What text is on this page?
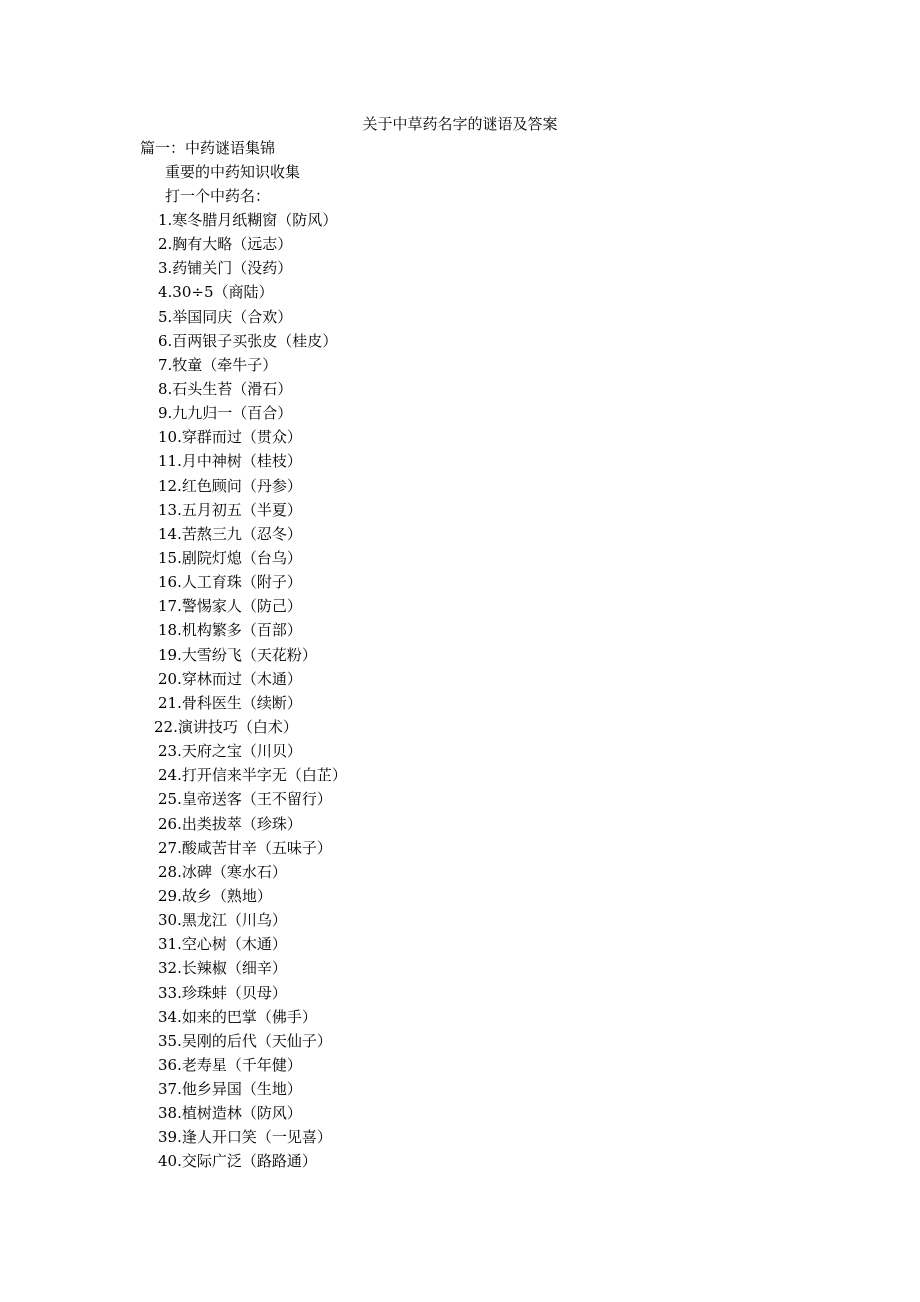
关于中草药名字的谜语及答案
篇一：中药谜语集锦
重要的中药知识收集
打一个中药名：
1.寒冬腊月纸糊窗（防风）
2.胸有大略（远志）
3.药铺关门（没药）
4.30÷5（商陆）
5.举国同庆（合欢）
6.百两银子买张皮（桂皮）
7.牧童（牵牛子）
8.石头生苔（滑石）
9.九九归一（百合）
10.穿群而过（贯众）
11.月中神树（桂枝）
12.红色顾问（丹参）
13.五月初五（半夏）
14.苦熬三九（忍冬）
15.剧院灯熄（台乌）
16.人工育珠（附子）
17.警惕家人（防己）
18.机构繁多（百部）
19.大雪纷飞（天花粉）
20.穿林而过（木通）
21.骨科医生（续断）
22.演讲技巧（白术）
23.天府之宝（川贝）
24.打开信来半字无（白芷）
25.皇帝送客（王不留行）
26.出类拔萃（珍珠）
27.酸咸苦甘辛（五味子）
28.冰碑（寒水石）
29.故乡（熟地）
30.黑龙江（川乌）
31.空心树（木通）
32.长辣椒（细辛）
33.珍珠蚌（贝母）
34.如来的巴掌（佛手）
35.吴刚的后代（天仙子）
36.老寿星（千年健）
37.他乡异国（生地）
38.植树造林（防风）
39.逢人开口笑（一见喜）
40.交际广泛（路路通）
